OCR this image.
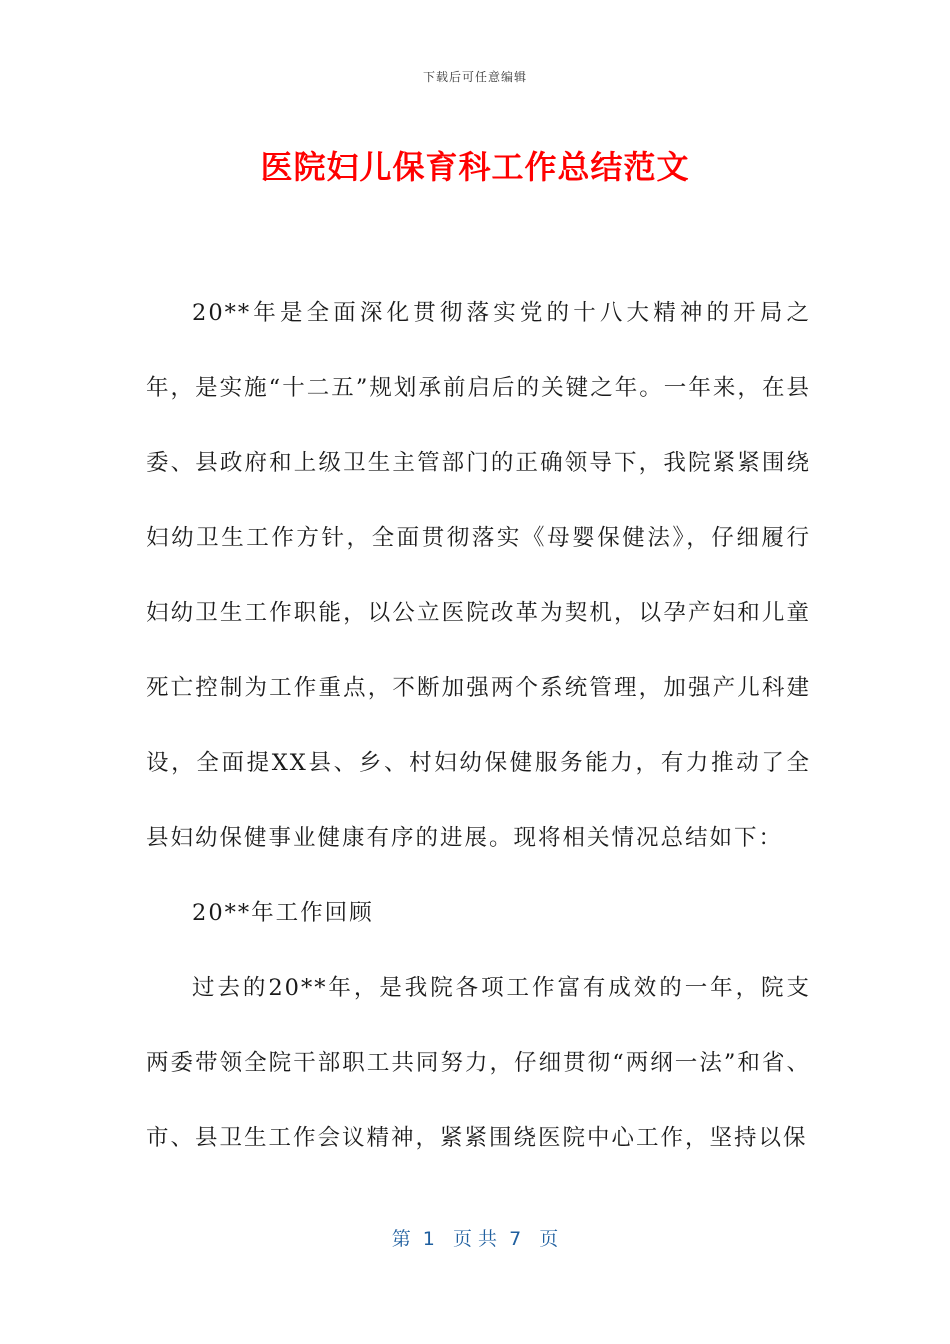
下载后可任意编辑
医院妇儿保育科工作总结范文

20**年是全面深化贯彻落实党的十八大精神的开局之年，是实施“十二五”规划承前启后的关键之年。一年来，在县委、县政府和上级卫生主管部门的正确领导下，我院紧紧围绕妇幼卫生工作方针，全面贯彻落实《母婴保健法》，仔细履行妇幼卫生工作职能，以公立医院改革为契机，以孕产妇和儿童死亡控制为工作重点，不断加强两个系统管理，加强产儿科建设，全面提XX县、乡、村妇幼保健服务能力，有力推动了全县妇幼保健事业健康有序的进展。现将相关情况总结如下：

20**年工作回顾

过去的20**年，是我院各项工作富有成效的一年，院支两委带领全院干部职工共同努力，仔细贯彻“两纲一法”和省、市、县卫生工作会议精神，紧紧围绕医院中心工作，坚持以保

第  1   页 共  7   页
